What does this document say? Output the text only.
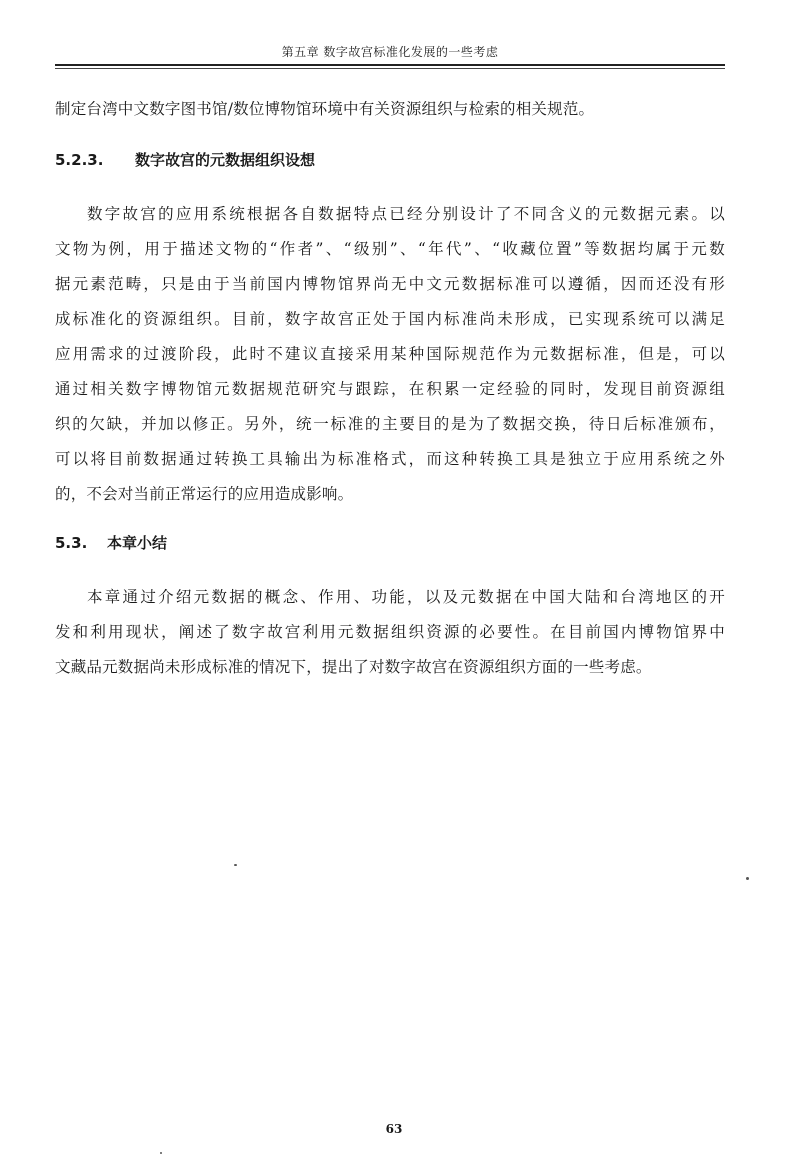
第五章 数字故宫标准化发展的一些考虑
制定台湾中文数字图书馆/数位博物馆环境中有关资源组织与检索的相关规范。
5.2.3. 数字故宫的元数据组织设想
数字故宫的应用系统根据各自数据特点已经分别设计了不同含义的元数据元素。以
文物为例，用于描述文物的“作者”、“级别”、“年代”、“收藏位置”等数据均属于元数
据元素范畴，只是由于当前国内博物馆界尚无中文元数据标准可以遵循，因而还没有形
成标准化的资源组织。目前，数字故宫正处于国内标准尚未形成，已实现系统可以满足
应用需求的过渡阶段，此时不建议直接采用某种国际规范作为元数据标准，但是，可以
通过相关数字博物馆元数据规范研究与跟踪，在积累一定经验的同时，发现目前资源组
织的欠缺，并加以修正。另外，统一标准的主要目的是为了数据交换，待日后标准颁布，
可以将目前数据通过转换工具输出为标准格式，而这种转换工具是独立于应用系统之外
的，不会对当前正常运行的应用造成影响。
5.3. 本章小结
本章通过介绍元数据的概念、作用、功能，以及元数据在中国大陆和台湾地区的开
发和利用现状，阐述了数字故宫利用元数据组织资源的必要性。在目前国内博物馆界中
文藏品元数据尚未形成标准的情况下，提出了对数字故宫在资源组织方面的一些考虑。
63
